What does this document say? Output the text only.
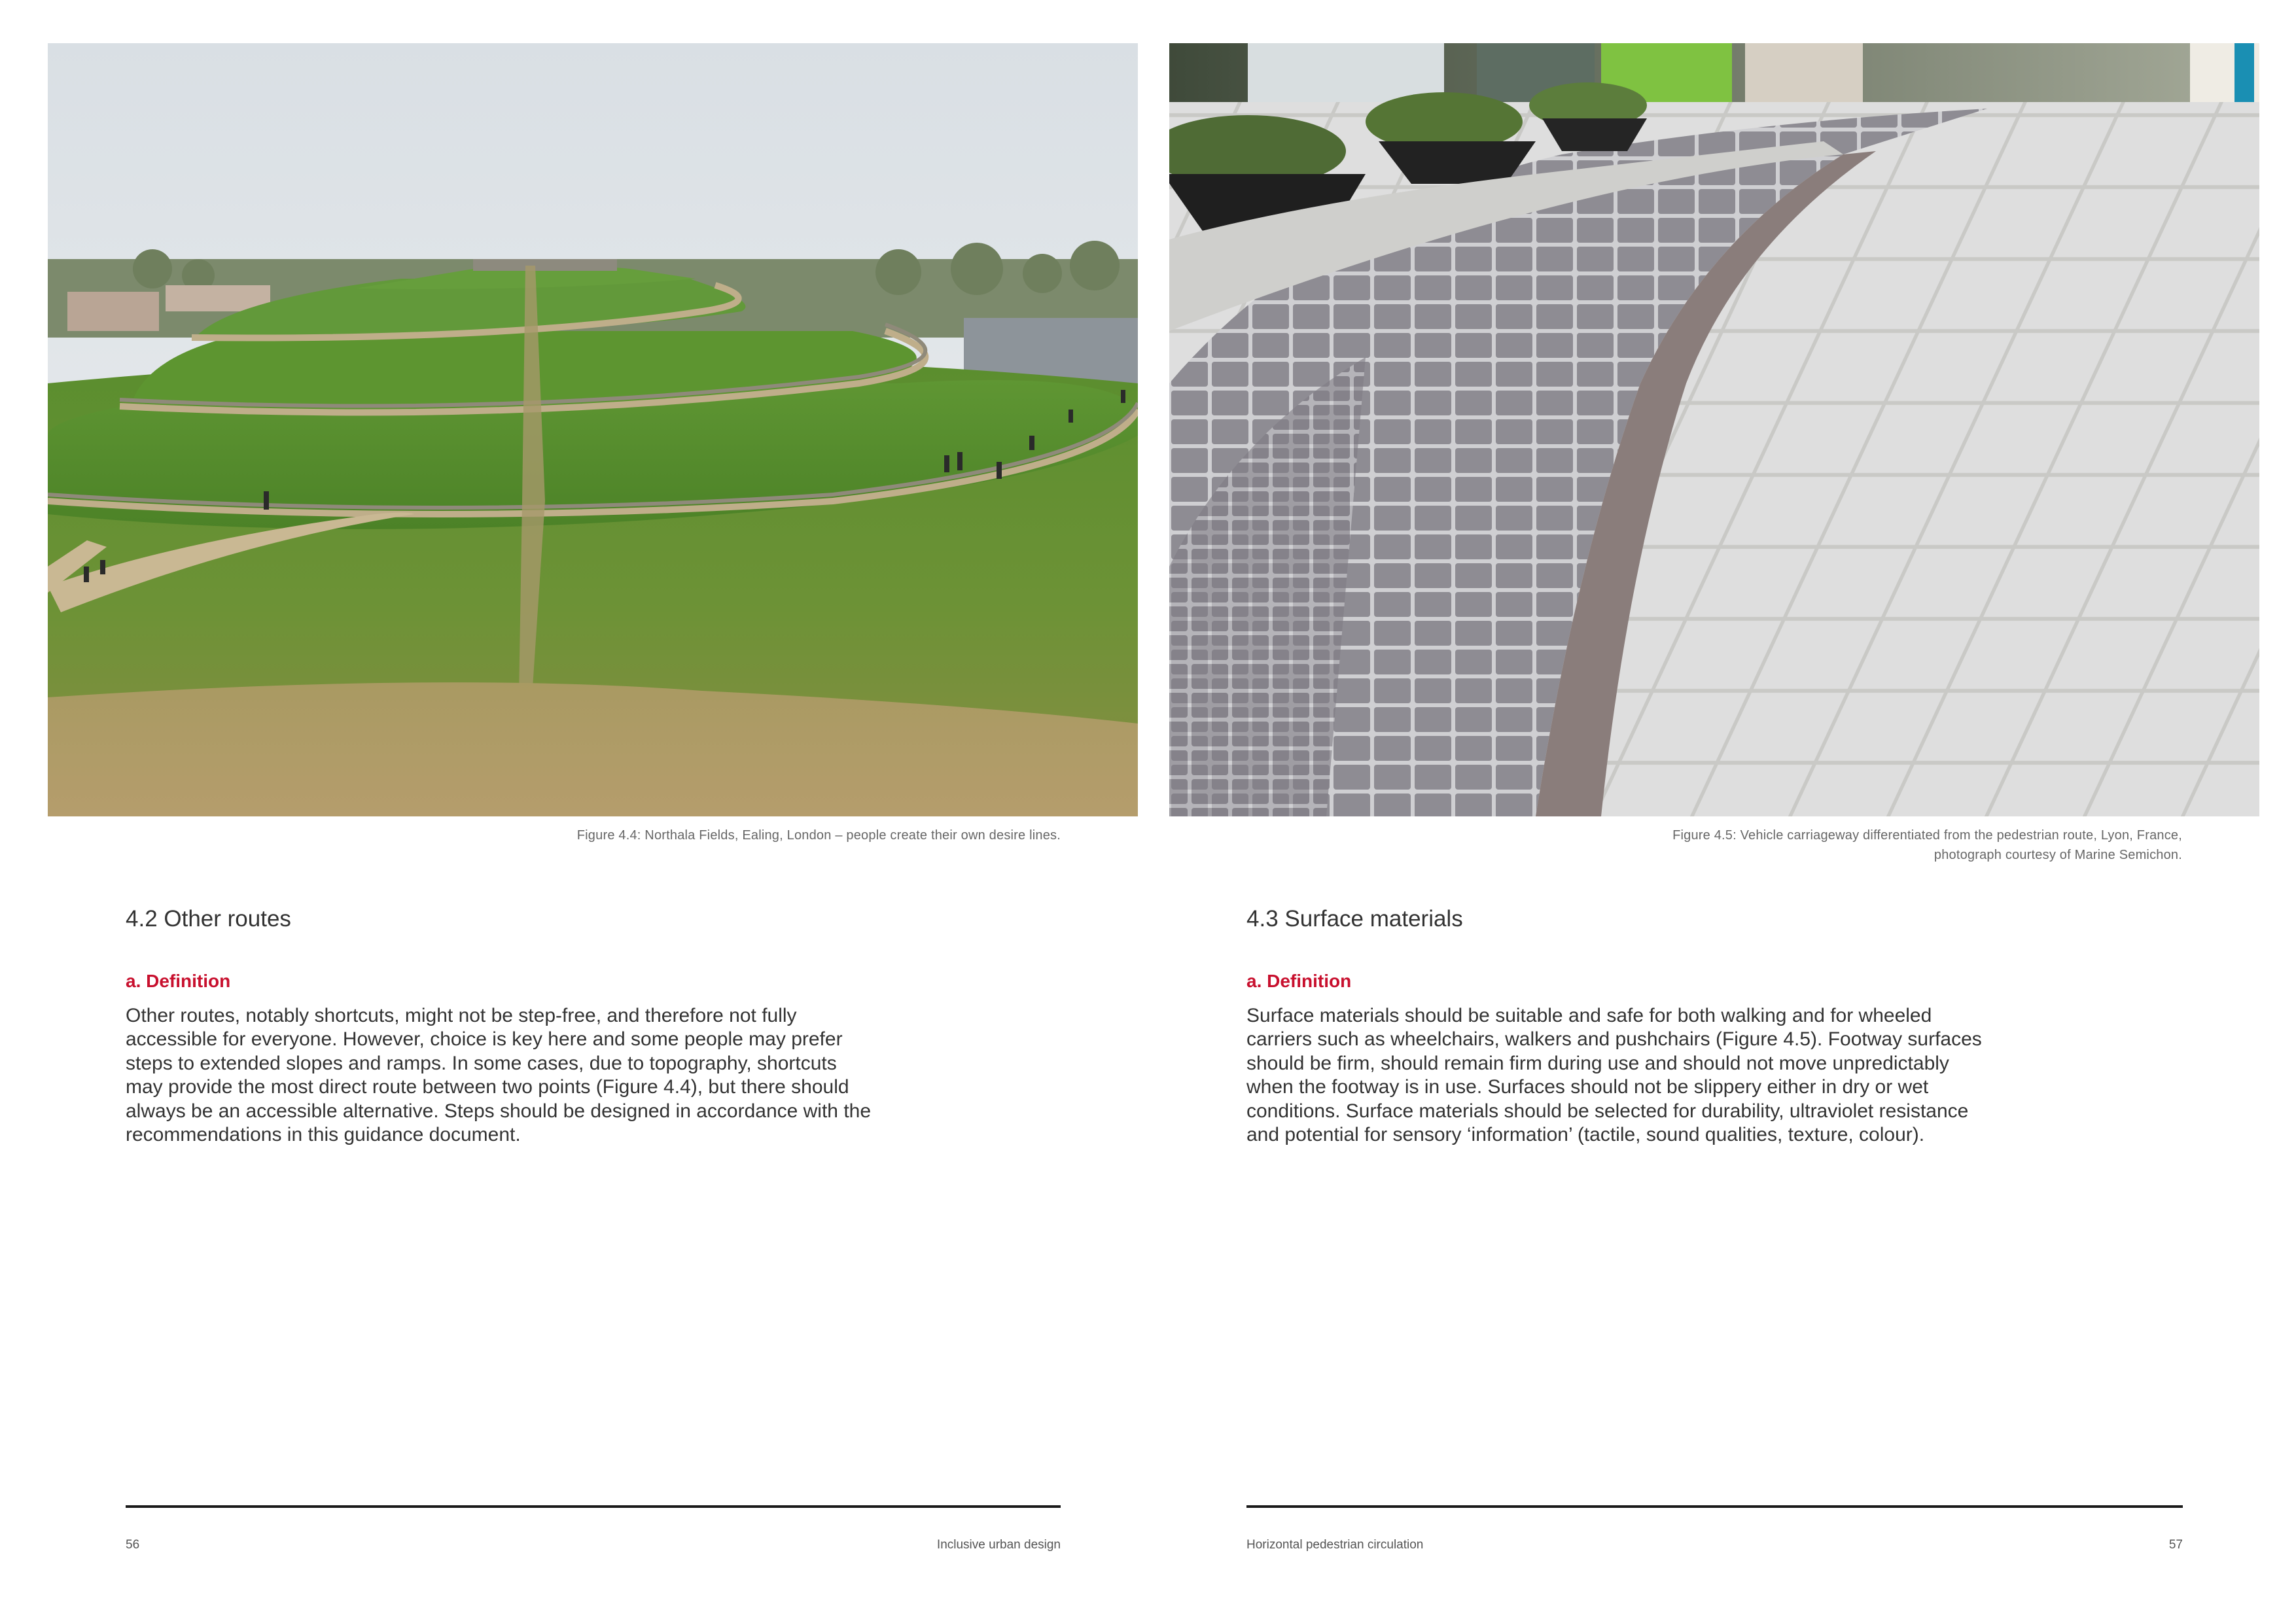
Figure 4.4: Northala Fields, Ealing, London – people create their own desire lines.
4.2 Other routes
a. Definition
Other routes, notably shortcuts, might not be step-free, and therefore not fully
accessible for everyone. However, choice is key here and some people may prefer
steps to extended slopes and ramps. In some cases, due to topography, shortcuts
may provide the most direct route between two points (Figure 4.4), but there should
always be an accessible alternative. Steps should be designed in accordance with the
recommendations in this guidance document.
56	Inclusive urban design
Figure 4.5: Vehicle carriageway differentiated from the pedestrian route, Lyon, France,
photograph courtesy of Marine Semichon.
4.3 Surface materials
a. Definition
Surface materials should be suitable and safe for both walking and for wheeled
carriers such as wheelchairs, walkers and pushchairs (Figure 4.5). Footway surfaces
should be firm, should remain firm during use and should not move unpredictably
when the footway is in use. Surfaces should not be slippery either in dry or wet
conditions. Surface materials should be selected for durability, ultraviolet resistance
and potential for sensory ‘information’ (tactile, sound qualities, texture, colour).
Horizontal pedestrian circulation	57
